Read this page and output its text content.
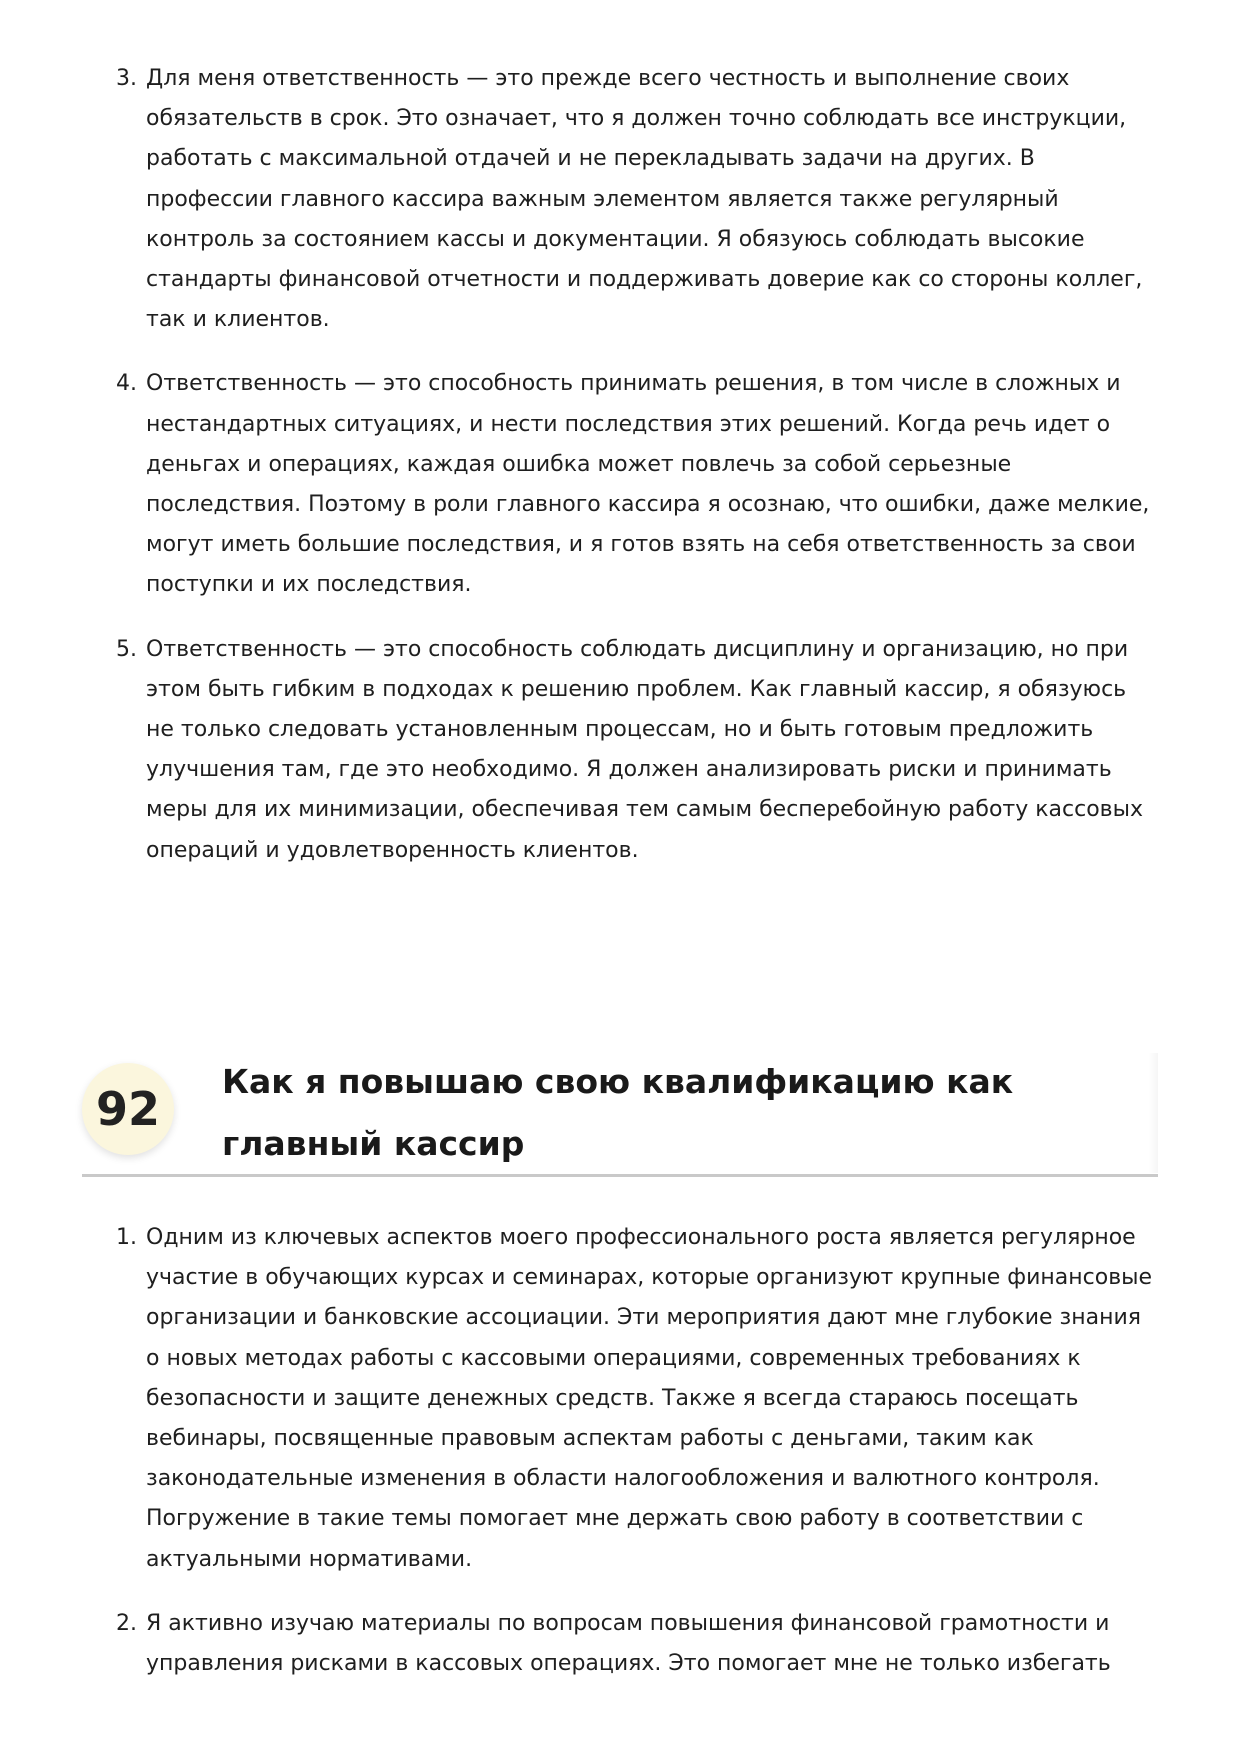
3. Для меня ответственность — это прежде всего честность и выполнение своих обязательств в срок. Это означает, что я должен точно соблюдать все инструкции, работать с максимальной отдачей и не перекладывать задачи на других. В профессии главного кассира важным элементом является также регулярный контроль за состоянием кассы и документации. Я обязуюсь соблюдать высокие стандарты финансовой отчетности и поддерживать доверие как со стороны коллег, так и клиентов.
4. Ответственность — это способность принимать решения, в том числе в сложных и нестандартных ситуациях, и нести последствия этих решений. Когда речь идет о деньгах и операциях, каждая ошибка может повлечь за собой серьезные последствия. Поэтому в роли главного кассира я осознаю, что ошибки, даже мелкие, могут иметь большие последствия, и я готов взять на себя ответственность за свои поступки и их последствия.
5. Ответственность — это способность соблюдать дисциплину и организацию, но при этом быть гибким в подходах к решению проблем. Как главный кассир, я обязуюсь не только следовать установленным процессам, но и быть готовым предложить улучшения там, где это необходимо. Я должен анализировать риски и принимать меры для их минимизации, обеспечивая тем самым бесперебойную работу кассовых операций и удовлетворенность клиентов.
92
Как я повышаю свою квалификацию как главный кассир
1. Одним из ключевых аспектов моего профессионального роста является регулярное участие в обучающих курсах и семинарах, которые организуют крупные финансовые организации и банковские ассоциации. Эти мероприятия дают мне глубокие знания о новых методах работы с кассовыми операциями, современных требованиях к безопасности и защите денежных средств. Также я всегда стараюсь посещать вебинары, посвященные правовым аспектам работы с деньгами, таким как законодательные изменения в области налогообложения и валютного контроля. Погружение в такие темы помогает мне держать свою работу в соответствии с актуальными нормативами.
2. Я активно изучаю материалы по вопросам повышения финансовой грамотности и управления рисками в кассовых операциях. Это помогает мне не только избегать
